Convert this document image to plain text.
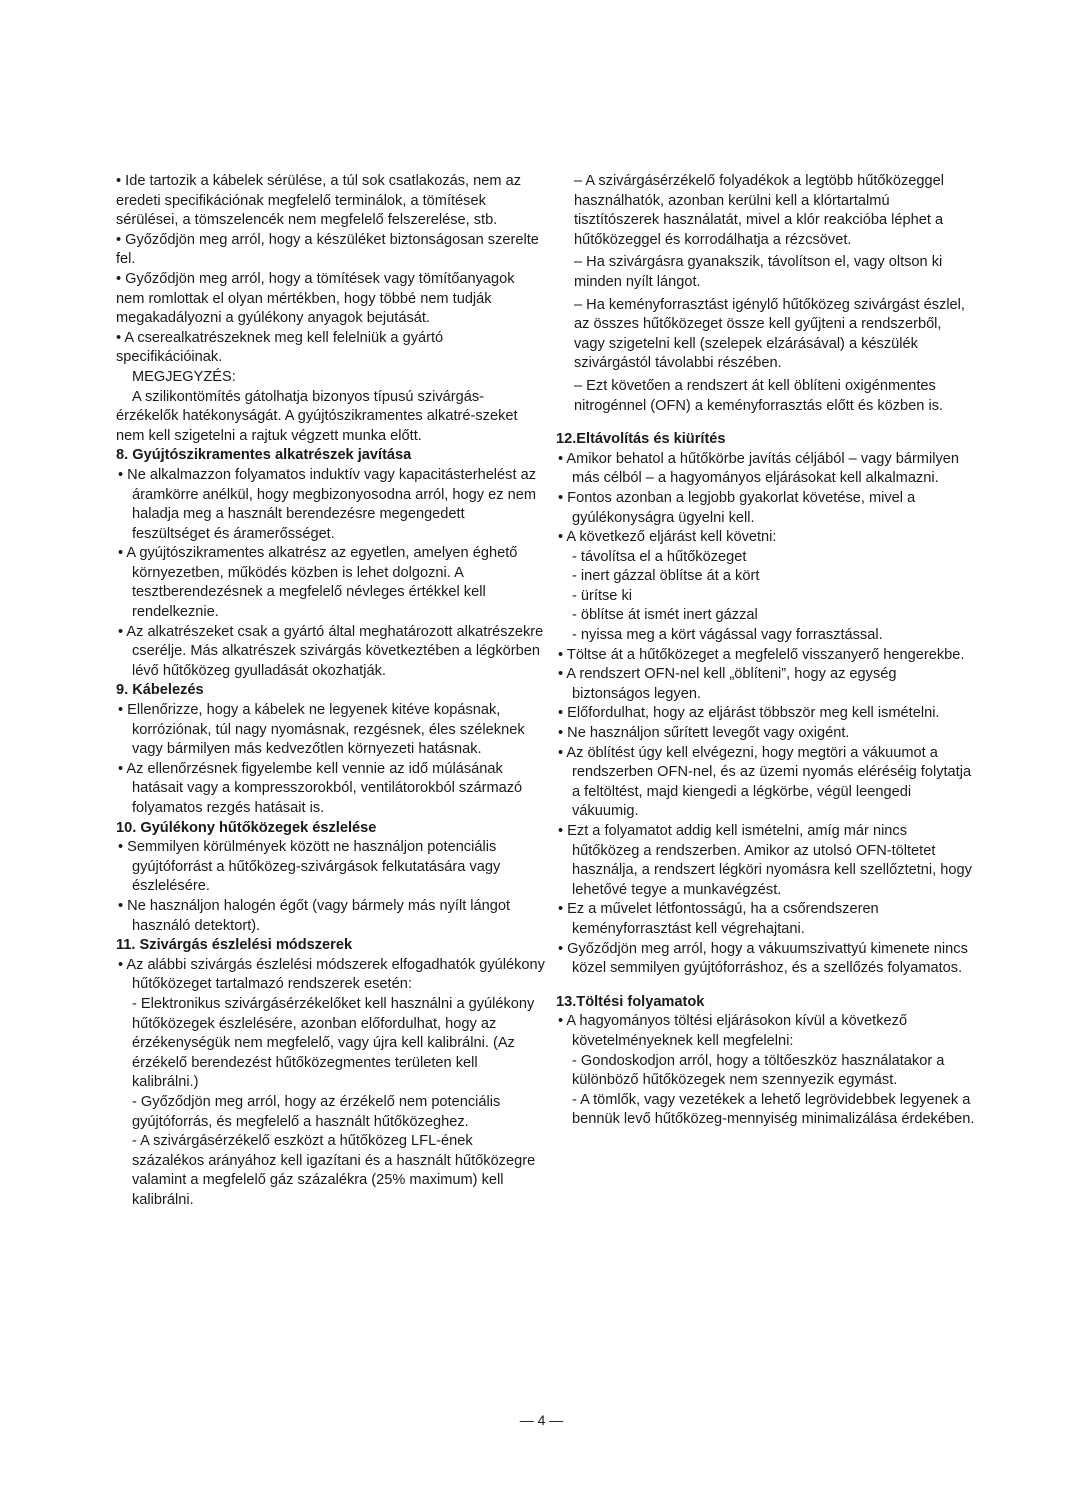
• Ide tartozik a kábelek sérülése, a túl sok csatlakozás, nem az eredeti specifikációnak megfelelő terminálok, a tömítések sérülései, a tömszelencék nem megfelelő felszerelése, stb.

• Győződjön meg arról, hogy a készüléket biztonságosan szerelte fel.

• Győződjön meg arról, hogy a tömítések vagy tömítőanyagok nem romlottak el olyan mértékben, hogy többé nem tudják megakadályozni a gyúlékony anyagok bejutását.

• A cserealkatrészeknek meg kell felelniük a gyártó specifikációinak.

MEGJEGYZÉS:

A szilikontömítés gátolhatja bizonyos típusú szivárgás-érzékelők hatékonyságát. A gyújtószikramentes alkatré-szeket nem kell szigetelni a rajtuk végzett munka előtt.

8. Gyújtószikramentes alkatrészek javítása

• Ne alkalmazzon folyamatos induktív vagy kapacitásterhelést az áramkörre anélkül, hogy megbizonyosodna arról, hogy ez nem haladja meg a használt berendezésre megengedett feszültséget és áramerősséget.

• A gyújtószikramentes alkatrész az egyetlen, amelyen éghető környezetben, működés közben is lehet dolgozni. A tesztberendezésnek a megfelelő névleges értékkel kell rendelkeznie.

• Az alkatrészeket csak a gyártó által meghatározott alkatrészekre cserélje. Más alkatrészek szivárgás következtében a légkörben lévő hűtőközeg gyulladását okozhatják.

9. Kábelezés

• Ellenőrizze, hogy a kábelek ne legyenek kitéve kopásnak, korróziónak, túl nagy nyomásnak, rezgésnek, éles széleknek vagy bármilyen más kedvezőtlen környezeti hatásnak.

• Az ellenőrzésnek figyelembe kell vennie az idő múlásának hatásait vagy a kompresszorokból, ventilátorokból származó folyamatos rezgés hatásait is.

10. Gyúlékony hűtőközegek észlelése

• Semmilyen körülmények között ne használjon potenciális gyújtóforrást a hűtőközeg-szivárgások felkutatására vagy észlelésére.

• Ne használjon halogén égőt (vagy bármely más nyílt lángot használó detektort).

11. Szivárgás észlelési módszerek

• Az alábbi szivárgás észlelési módszerek elfogadhatók gyúlékony hűtőközeget tartalmazó rendszerek esetén:

- Elektronikus szivárgásérzékelőket kell használni a gyúlékony hűtőközegek észlelésére, azonban előfordulhat, hogy az érzékenységük nem megfelelő, vagy újra kell kalibrálni. (Az érzékelő berendezést hűtőközegmentes területen kell kalibrálni.)

- Győződjön meg arról, hogy az érzékelő nem potenciális gyújtóforrás, és megfelelő a használt hűtőközeghez.

- A szivárgásérzékelő eszközt a hűtőközeg LFL-ének százalékos arányához kell igazítani és a használt hűtőközegre valamint a megfelelő gáz százalékra (25% maximum) kell kalibrálni.

– A szivárgásérzékelő folyadékok a legtöbb hűtőközeggel használhatók, azonban kerülni kell a klórtartalmú tisztítószerek használatát, mivel a klór reakcióba léphet a hűtőközeggel és korrodálhatja a rézcsövet.

– Ha szivárgásra gyanakszik, távolítson el, vagy oltson ki minden nyílt lángot.

– Ha keményforrasztást igénylő hűtőközeg szivárgást észlel, az összes hűtőközeget össze kell gyűjteni a rendszerből, vagy szigetelni kell (szelepek elzárásával) a készülék szivárgástól távolabbi részében.

– Ezt követően a rendszert át kell öblíteni oxigénmentes nitrogénnel (OFN) a keményforrasztás előtt és közben is.

12.Eltávolítás és kiürítés

• Amikor behatol a hűtőkörbe javítás céljából – vagy bármilyen más célból – a hagyományos eljárásokat kell alkalmazni.

• Fontos azonban a legjobb gyakorlat követése, mivel a gyúlékonyságra ügyelni kell.

• A következő eljárást kell követni:

- távolítsa el a hűtőközeget

- inert gázzal öblítse át a kört

- ürítse ki

- öblítse át ismét inert gázzal

- nyissa meg a kört vágással vagy forrasztással.

• Töltse át a hűtőközeget a megfelelő visszanyerő hengerekbe.

• A rendszert OFN-nel kell „öblíteni”, hogy az egység biztonságos legyen.

• Előfordulhat, hogy az eljárást többször meg kell ismételni.

• Ne használjon sűrített levegőt vagy oxigént.

• Az öblítést úgy kell elvégezni, hogy megtöri a vákuumot a rendszerben OFN-nel, és az üzemi nyomás eléréséig folytatja a feltöltést, majd kiengedi a légkörbe, végül leengedi vákuumig.

• Ezt a folyamatot addig kell ismételni, amíg már nincs hűtőközeg a rendszerben. Amikor az utolsó OFN-töltetet használja, a rendszert légköri nyomásra kell szellőztetni, hogy lehetővé tegye a munkavégzést.

• Ez a művelet létfontosságú, ha a csőrendszeren keményforrasztást kell végrehajtani.

• Győződjön meg arról, hogy a vákuumszivattyú kimenete nincs közel semmilyen gyújtóforráshoz, és a szellőzés folyamatos.

13.Töltési folyamatok

• A hagyományos töltési eljárásokon kívül a következő követelményeknek kell megfelelni:

- Gondoskodjon arról, hogy a töltőeszköz használatakor a különböző hűtőközegek nem szennyezik egymást.

- A tömlők, vagy vezetékek a lehető legrövidebbek legyenek a bennük levő hűtőközeg-mennyiség minimalizálása érdekében.

— 4 —
